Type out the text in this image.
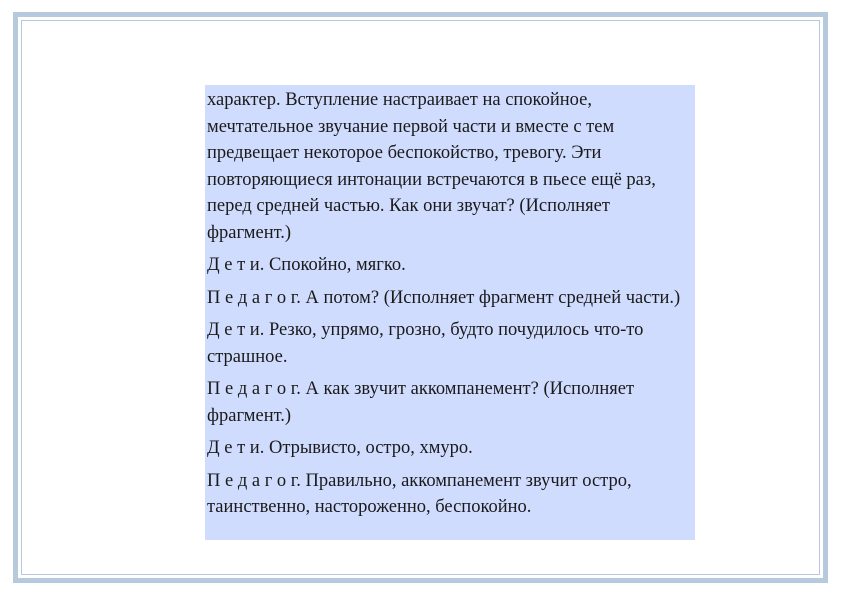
характер. Вступление настраивает на спокойное, мечтательное звучание первой части и вместе с тем предвещает некоторое беспокойство, тревогу. Эти повторяющиеся интонации встречаются в пьесе ещё раз, перед средней частью. Как они звучат? (Исполняет фрагмент.)

Д е т и. Спокойно, мягко.

П е д а г о г. А потом? (Исполняет фрагмент средней части.)

Д е т и. Резко, упрямо, грозно, будто почудилось что-то страшное.

П е д а г о г. А как звучит аккомпанемент? (Исполняет фрагмент.)

Д е т и. Отрывисто, остро, хмуро.

П е д а г о г. Правильно, аккомпанемент звучит остро, таинственно, настороженно, беспокойно.
